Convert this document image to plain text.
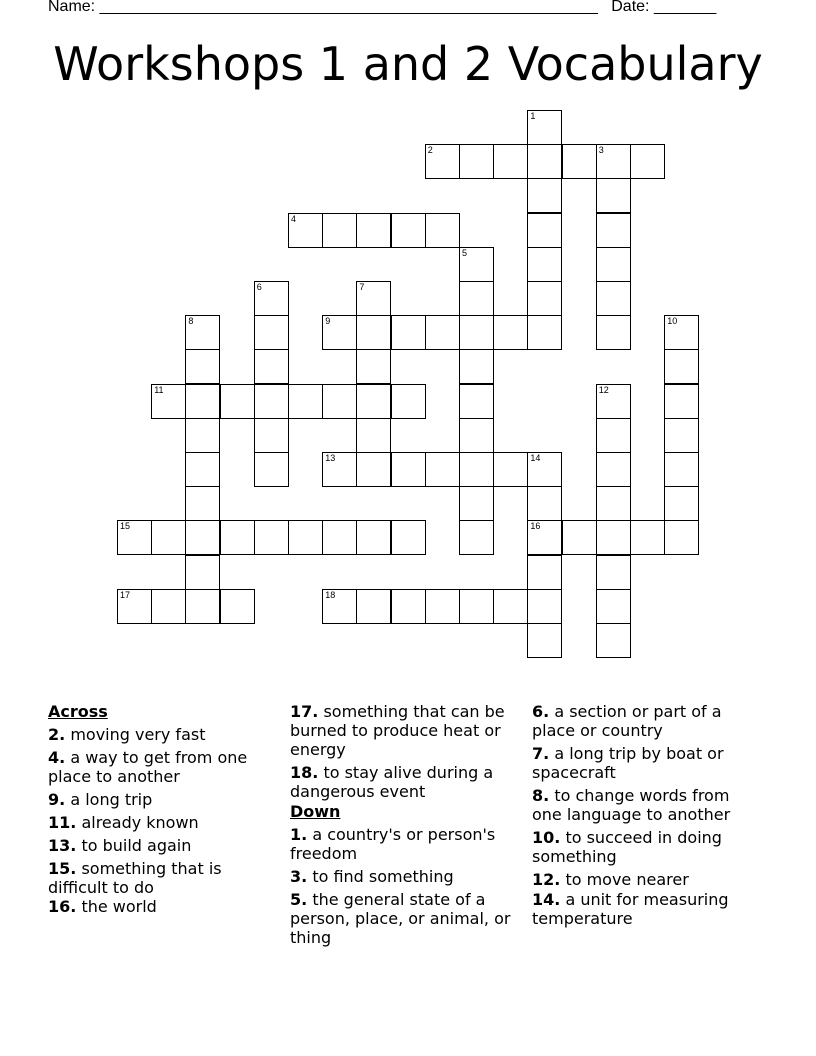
Name: ________________________________________________________ Date: _______
Workshops 1 and 2 Vocabulary
2	3
4
9
11
13	14
15	16
17	18
1
5
6	7
8	10
12
Across
2. moving very fast
4. a way to get from one place to another
9. a long trip
11. already known
13. to build again
15. something that is difficult to do
16. the world
17. something that can be burned to produce heat or energy
18. to stay alive during a dangerous event
Down
1. a country's or person's freedom
3. to find something
5. the general state of a person, place, or animal, or thing
6. a section or part of a place or country
7. a long trip by boat or spacecraft
8. to change words from one language to another
10. to succeed in doing something
12. to move nearer
14. a unit for measuring temperature
